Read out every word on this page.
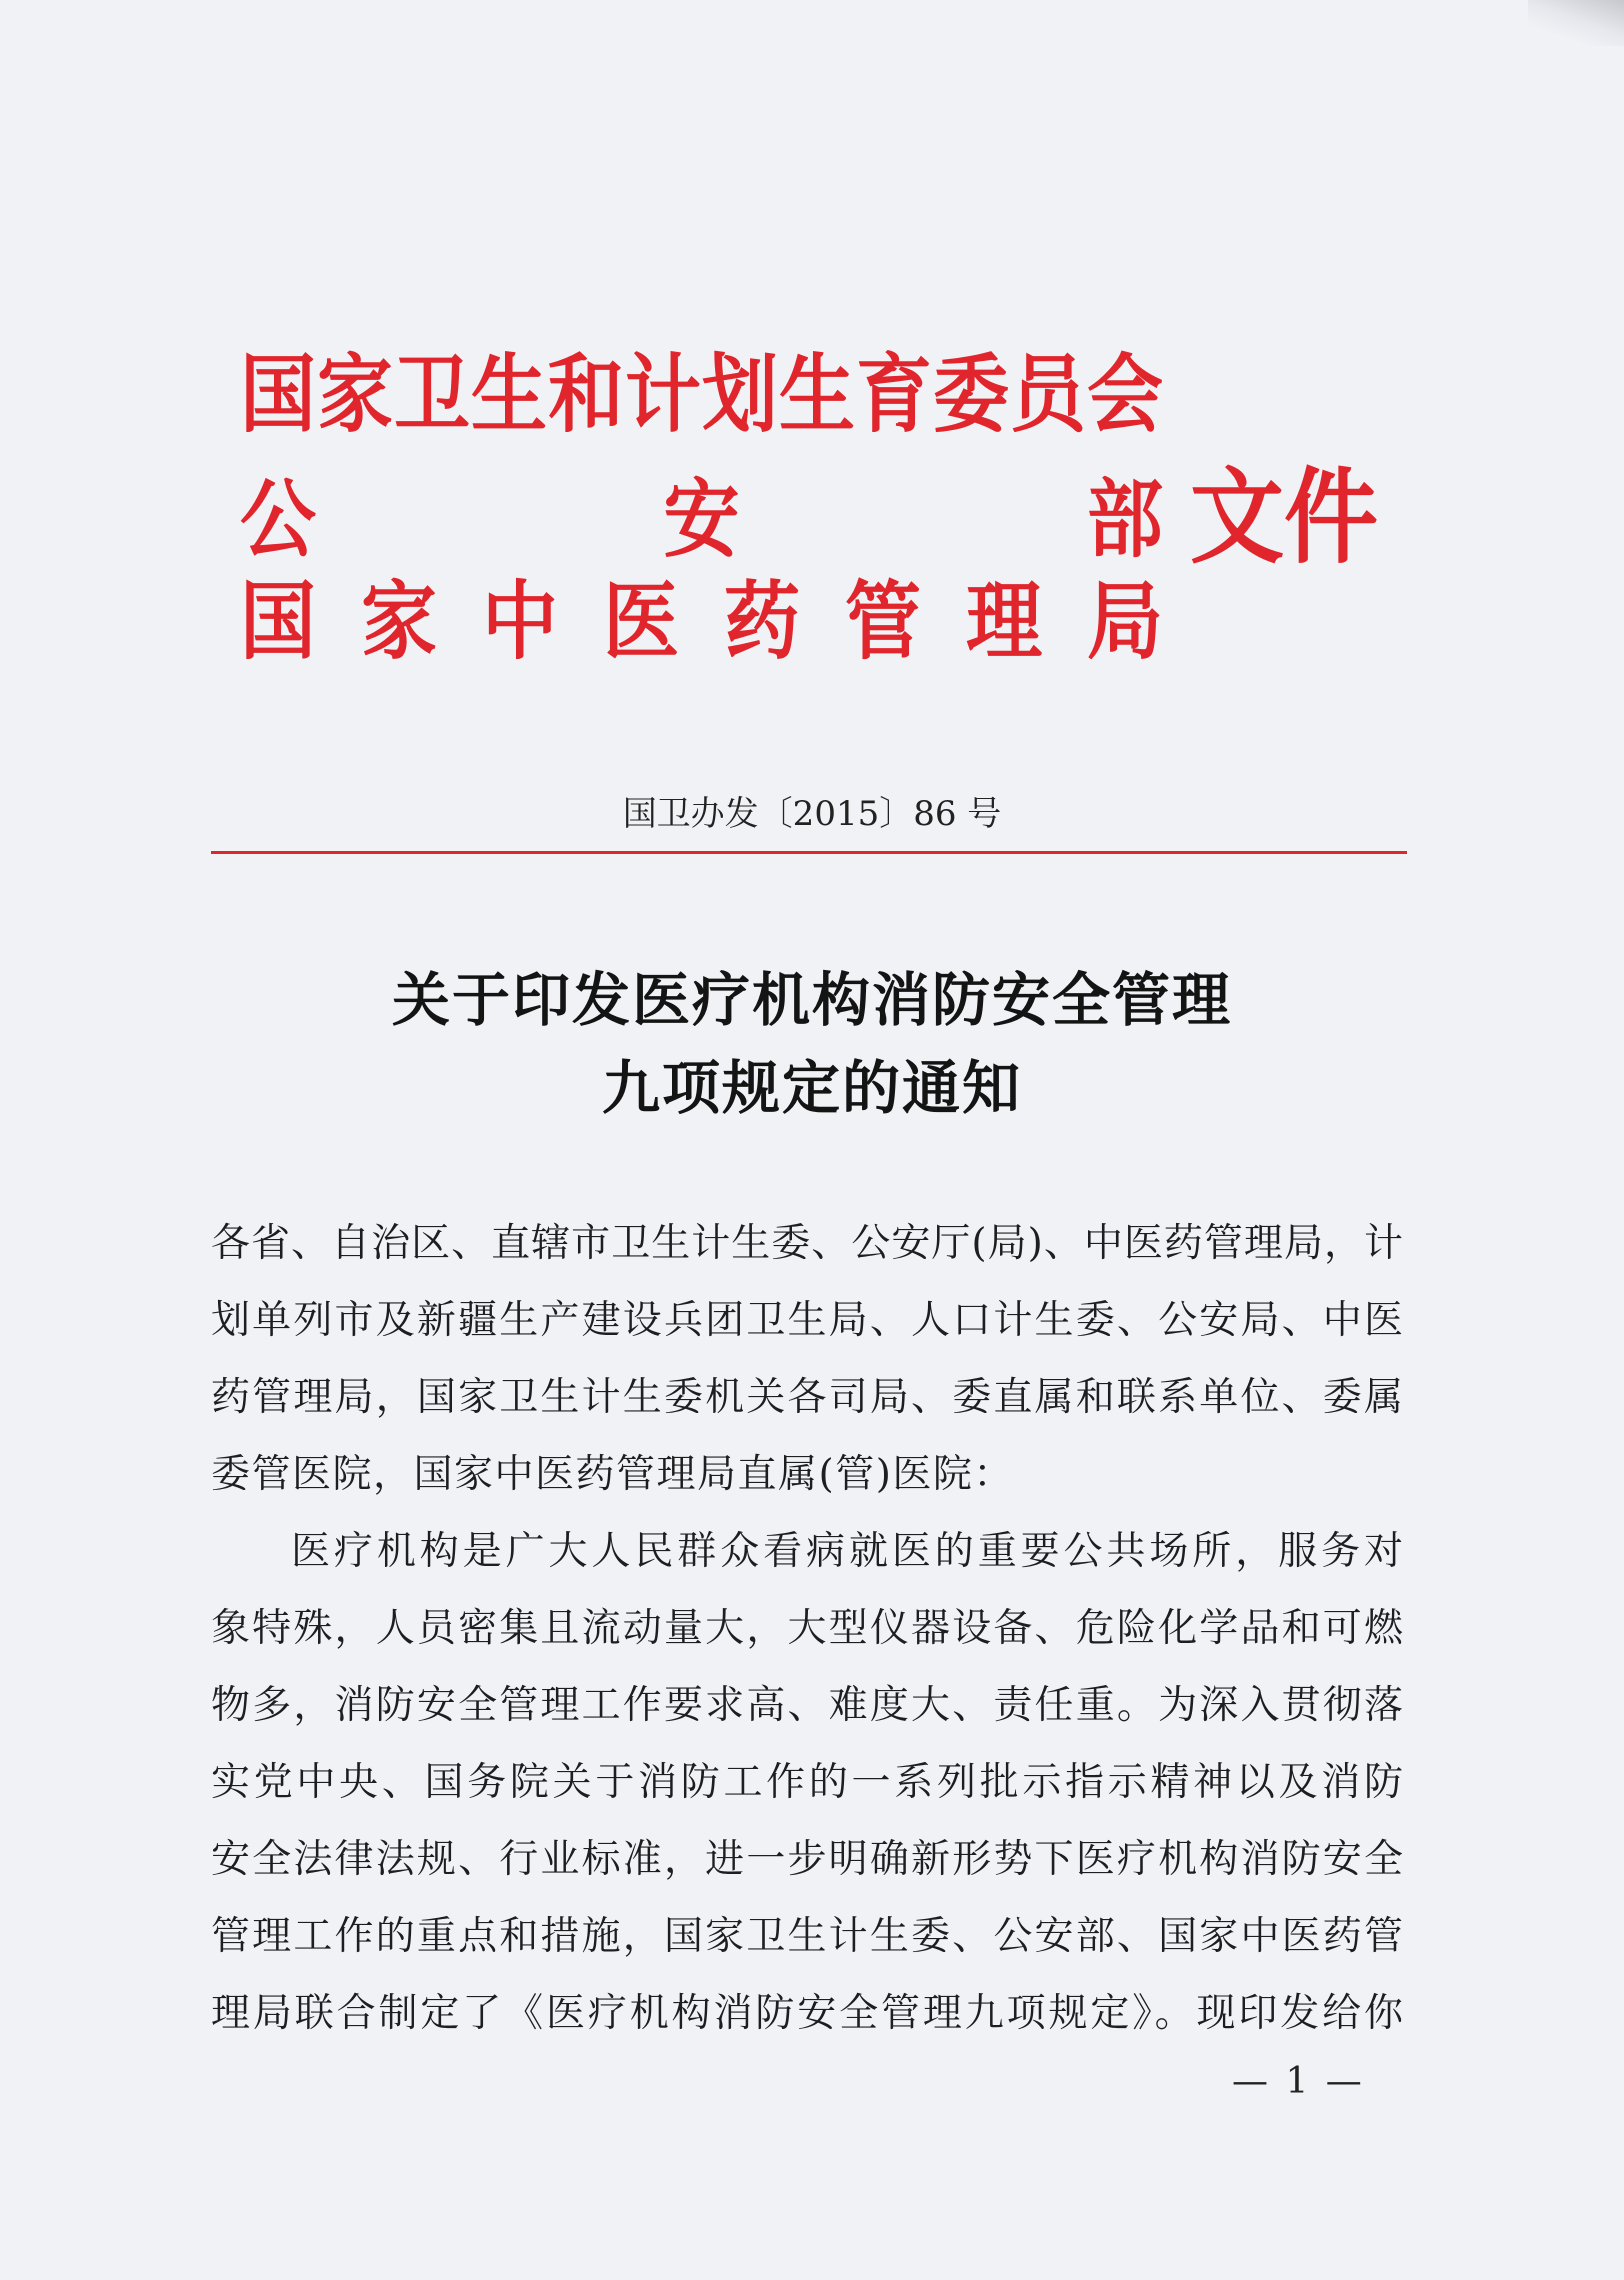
国家卫生和计划生育委员会
公安部
国家中医药管理局
文件
国卫办发〔2015〕86 号
关于印发医疗机构消防安全管理
九项规定的通知
各省、自治区、直辖市卫生计生委、公安厅(局)、中医药管理局，计
划单列市及新疆生产建设兵团卫生局、人口计生委、公安局、中医
药管理局，国家卫生计生委机关各司局、委直属和联系单位、委属
委管医院，国家中医药管理局直属(管)医院：
医疗机构是广大人民群众看病就医的重要公共场所，服务对
象特殊，人员密集且流动量大，大型仪器设备、危险化学品和可燃
物多，消防安全管理工作要求高、难度大、责任重。为深入贯彻落
实党中央、国务院关于消防工作的一系列批示指示精神以及消防
安全法律法规、行业标准，进一步明确新形势下医疗机构消防安全
管理工作的重点和措施，国家卫生计生委、公安部、国家中医药管
理局联合制定了《医疗机构消防安全管理九项规定》。现印发给你
— 1 —
